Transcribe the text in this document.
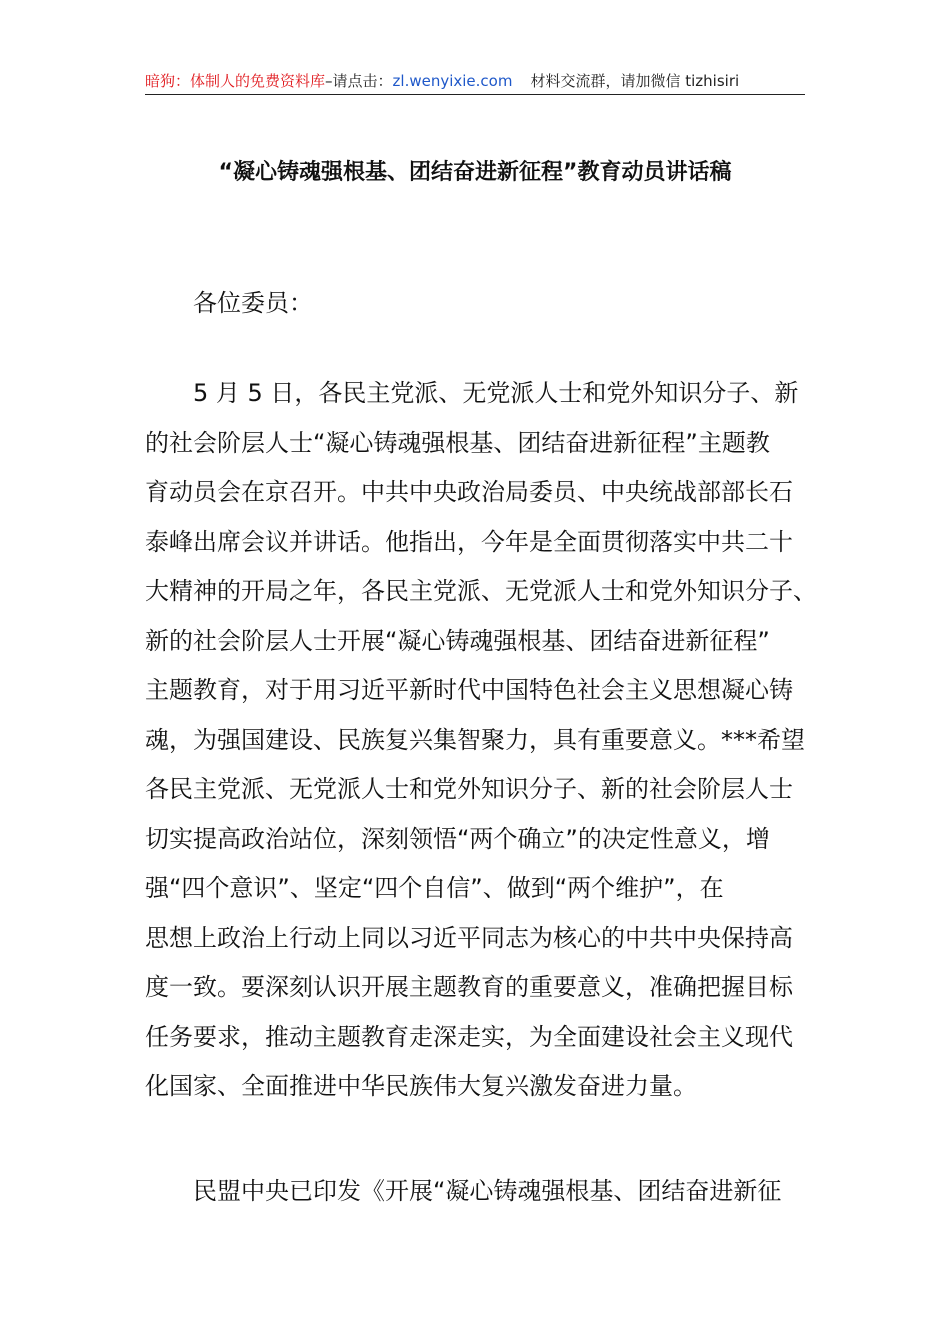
暗狗：体制人的免费资料库–请点击：zl.wenyixie.com 材料交流群，请加微信 tizhisiri
“凝心铸魂强根基、团结奋进新征程”教育动员讲话稿
各位委员：
5 月 5 日，各民主党派、无党派人士和党外知识分子、新
的社会阶层人士“凝心铸魂强根基、团结奋进新征程”主题教
育动员会在京召开。中共中央政治局委员、中央统战部部长石
泰峰出席会议并讲话。他指出，今年是全面贯彻落实中共二十
大精神的开局之年，各民主党派、无党派人士和党外知识分子、
新的社会阶层人士开展“凝心铸魂强根基、团结奋进新征程”
主题教育，对于用习近平新时代中国特色社会主义思想凝心铸
魂，为强国建设、民族复兴集智聚力，具有重要意义。***希望
各民主党派、无党派人士和党外知识分子、新的社会阶层人士
切实提高政治站位，深刻领悟“两个确立”的决定性意义，增
强“四个意识”、坚定“四个自信”、做到“两个维护”，在
思想上政治上行动上同以习近平同志为核心的中共中央保持高
度一致。要深刻认识开展主题教育的重要意义，准确把握目标
任务要求，推动主题教育走深走实，为全面建设社会主义现代
化国家、全面推进中华民族伟大复兴激发奋进力量。
民盟中央已印发《开展“凝心铸魂强根基、团结奋进新征
